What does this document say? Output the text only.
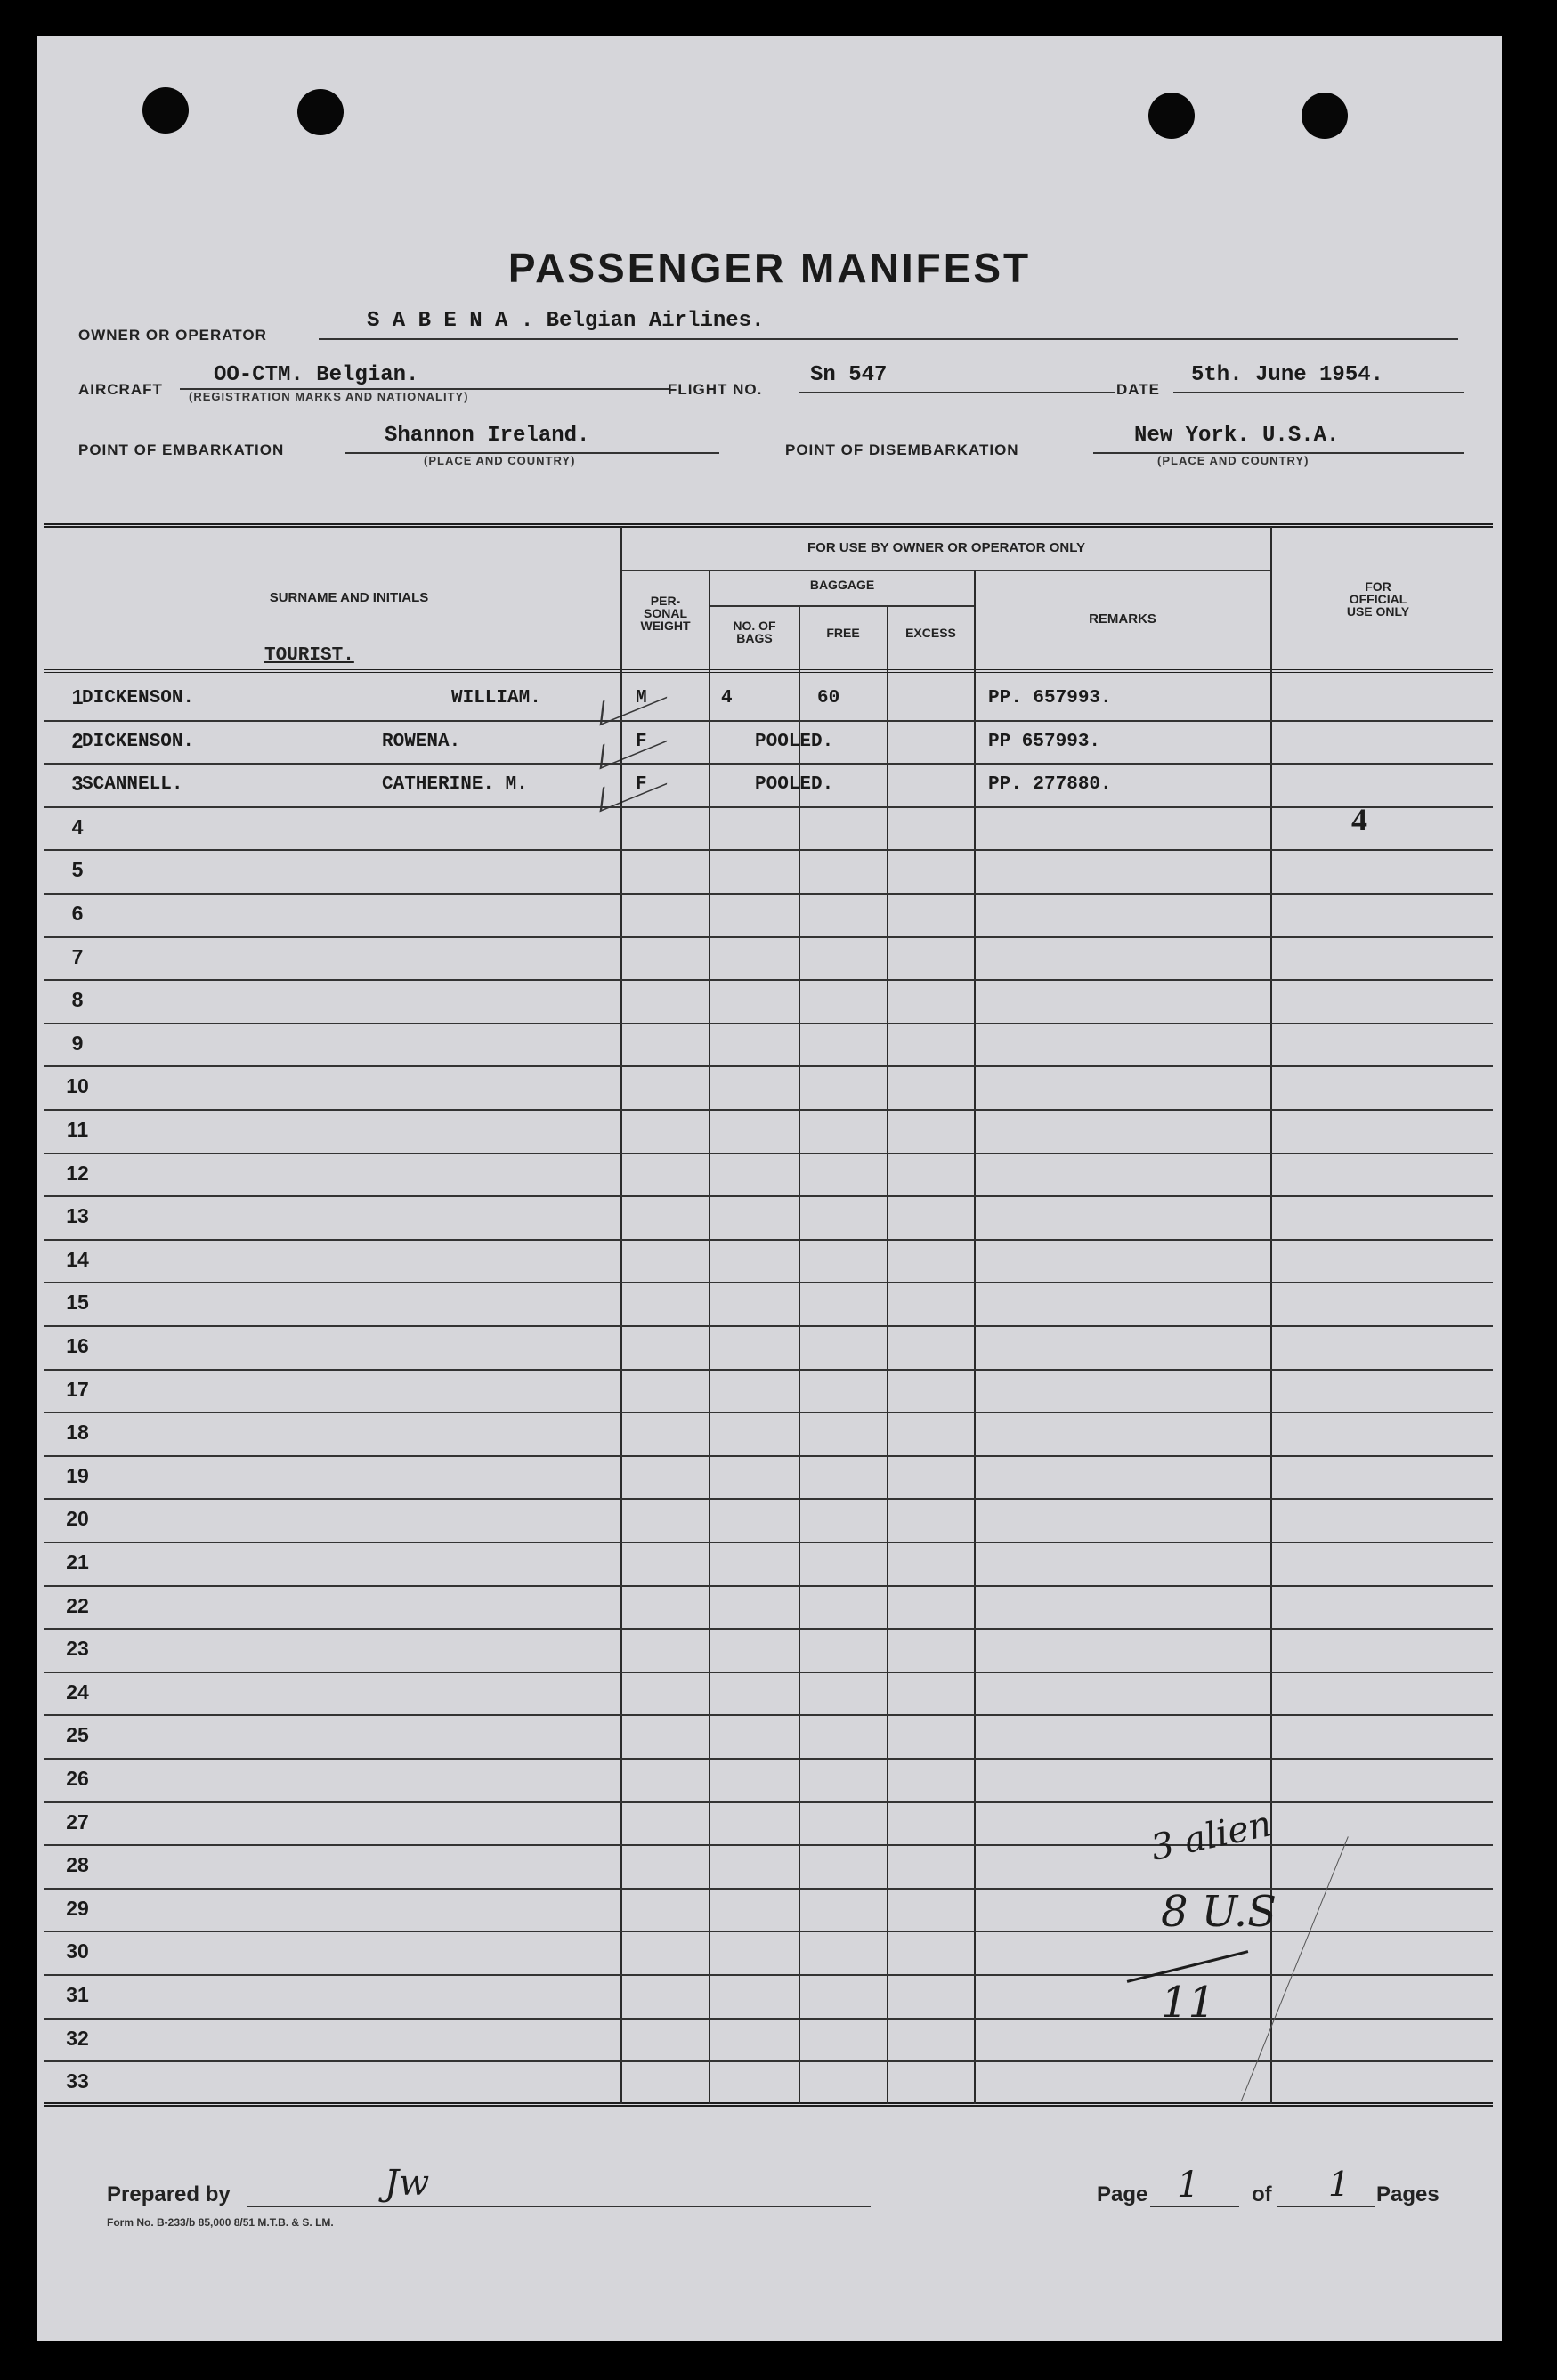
PASSENGER MANIFEST
OWNER OR OPERATOR
S A B E N A . Belgian Airlines.
AIRCRAFT
OO-CTM. Belgian.
(REGISTRATION MARKS AND NATIONALITY)	FLIGHT NO.
Sn 547
DATE
5th. June 1954.
POINT OF EMBARKATION
Shannon Ireland.
(PLACE AND COUNTRY)
POINT OF DISEMBARKATION
New York. U.S.A.
(PLACE AND COUNTRY)
FOR USE BY OWNER OR OPERATOR ONLY
SURNAME AND INITIALS
TOURIST.
PER-
SONAL
WEIGHT
BAGGAGE
NO. OF
BAGS	FREE	EXCESS
REMARKS
FOR
OFFICIAL
USE ONLY
1
DICKENSON.	WILLIAM.	M	4	60	PP. 657993.
2
DICKENSON.	ROWENA.	F	POOLED.	PP 657993.
3
SCANNELL.	CATHERINE. M.	F	POOLED.	PP. 277880.
4
5
6
7
8
9
10
11
12
13
14
15
16
17
18
19
20
21
22
23
24
25
26
27
28
29
30
31
32
33
4
3 alien
8 U.S
11
Prepared by	Jw	Page 1 of 1 Pages
Form No. B-233/b 85,000 8/51 M.T.B. & S. LM.
